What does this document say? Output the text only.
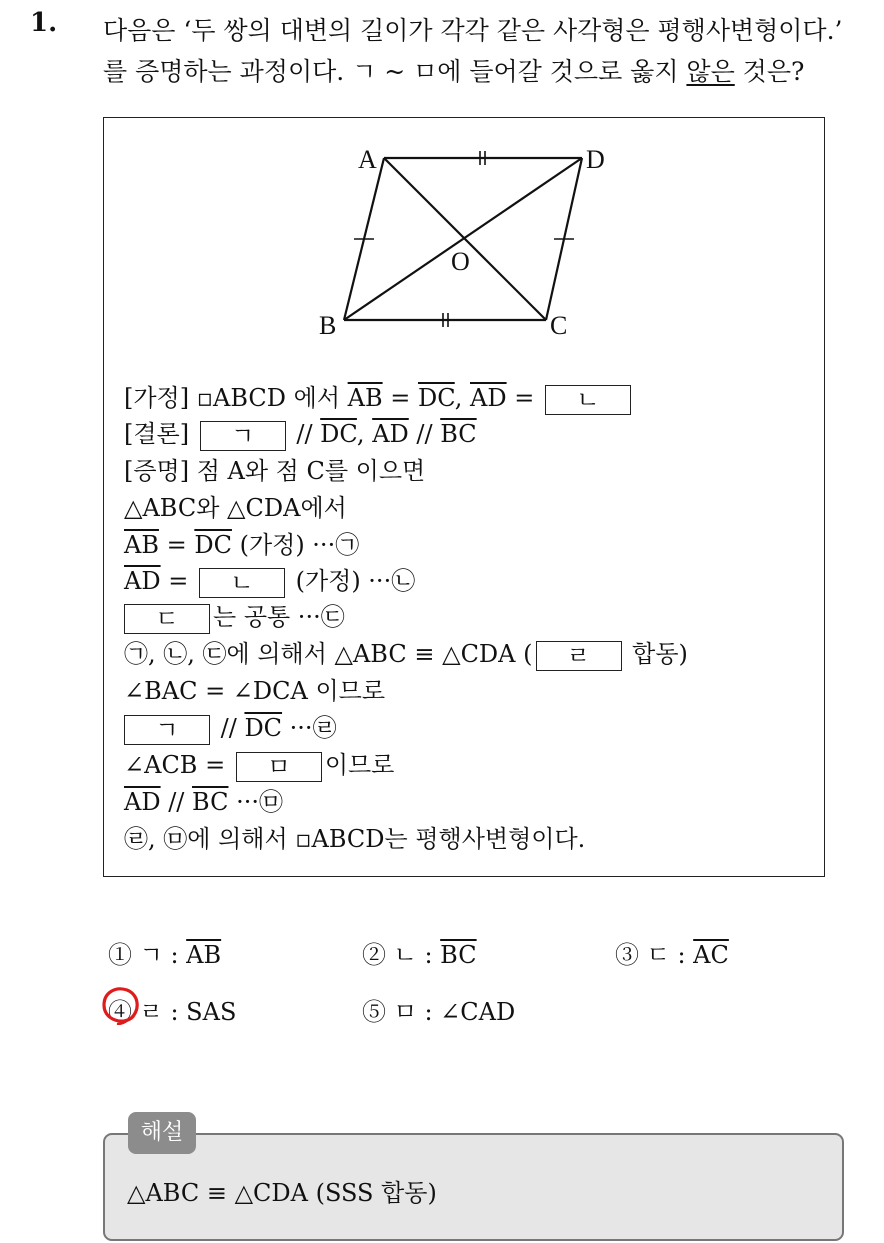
1. 다음은 ‘두 쌍의 대변의 길이가 각각 같은 사각형은 평행사변형이다.’
를 증명하는 과정이다. ㄱ ~ ㅁ에 들어갈 것으로 옳지 않은 것은?
A	D
B	C
O
[가정] ▫ABCD 에서 $\overline{AB} = \overline{DC}$, $\overline{AD}$ = ㄴ
[결론] ㄱ // $\overline{DC}$, $\overline{AD} // \overline{BC}$
[증명] 점 A와 점 C를 이으면
△ABC와 △CDA에서
$\overline{AB} = \overline{DC}$ (가정) ···㉠
$\overline{AD}$ = ㄴ (가정) ···㉡
ㄷ 는 공통 ···㉢
㉠, ㉡, ㉢에 의해서 △ABC ≡ △CDA ( ㄹ 합동)
∠BAC = ∠DCA 이므로
ㄱ // $\overline{DC}$ ···㉣
∠ACB = ㅁ 이므로
$\overline{AD} // \overline{BC}$ ···㉤
㉣, ㉤에 의해서 ▫ABCD는 평행사변형이다.
① ㄱ : $\overline{AB}$	② ㄴ : $\overline{BC}$	③ ㄷ : $\overline{AC}$
④ ㄹ : SAS	⑤ ㅁ : ∠CAD
해설
△ABC ≡ △CDA (SSS 합동)
